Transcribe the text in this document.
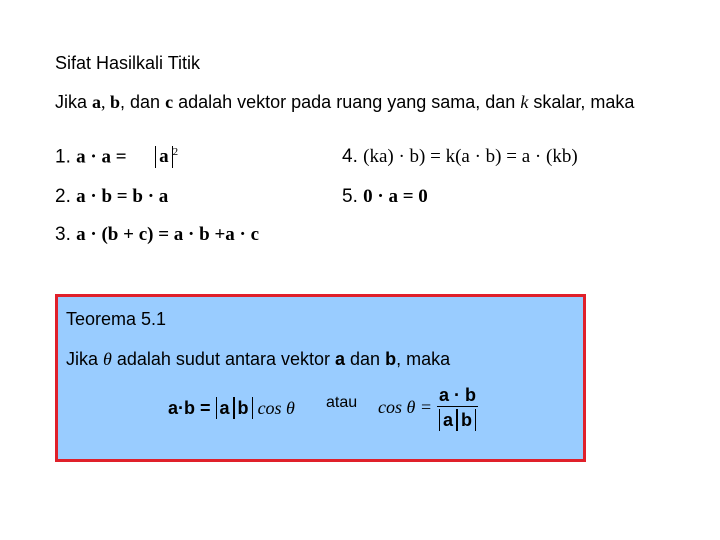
Sifat Hasilkali Titik
Jika a, b, dan c adalah vektor pada ruang yang sama, dan k skalar, maka
1. a · a = a $^2$
2. a · b = b · a
3. a · (b + c) = a · b +a · c
4. (ka) · b) = k(a · b) = a · (kb)
5. 0 · a = 0
Teorema 5.1
Jika θ adalah sudut antara vektor a dan b, maka
a·b = a b cos θ atau $\cos \theta = \frac{a \cdot b}{\text{a b}}$
